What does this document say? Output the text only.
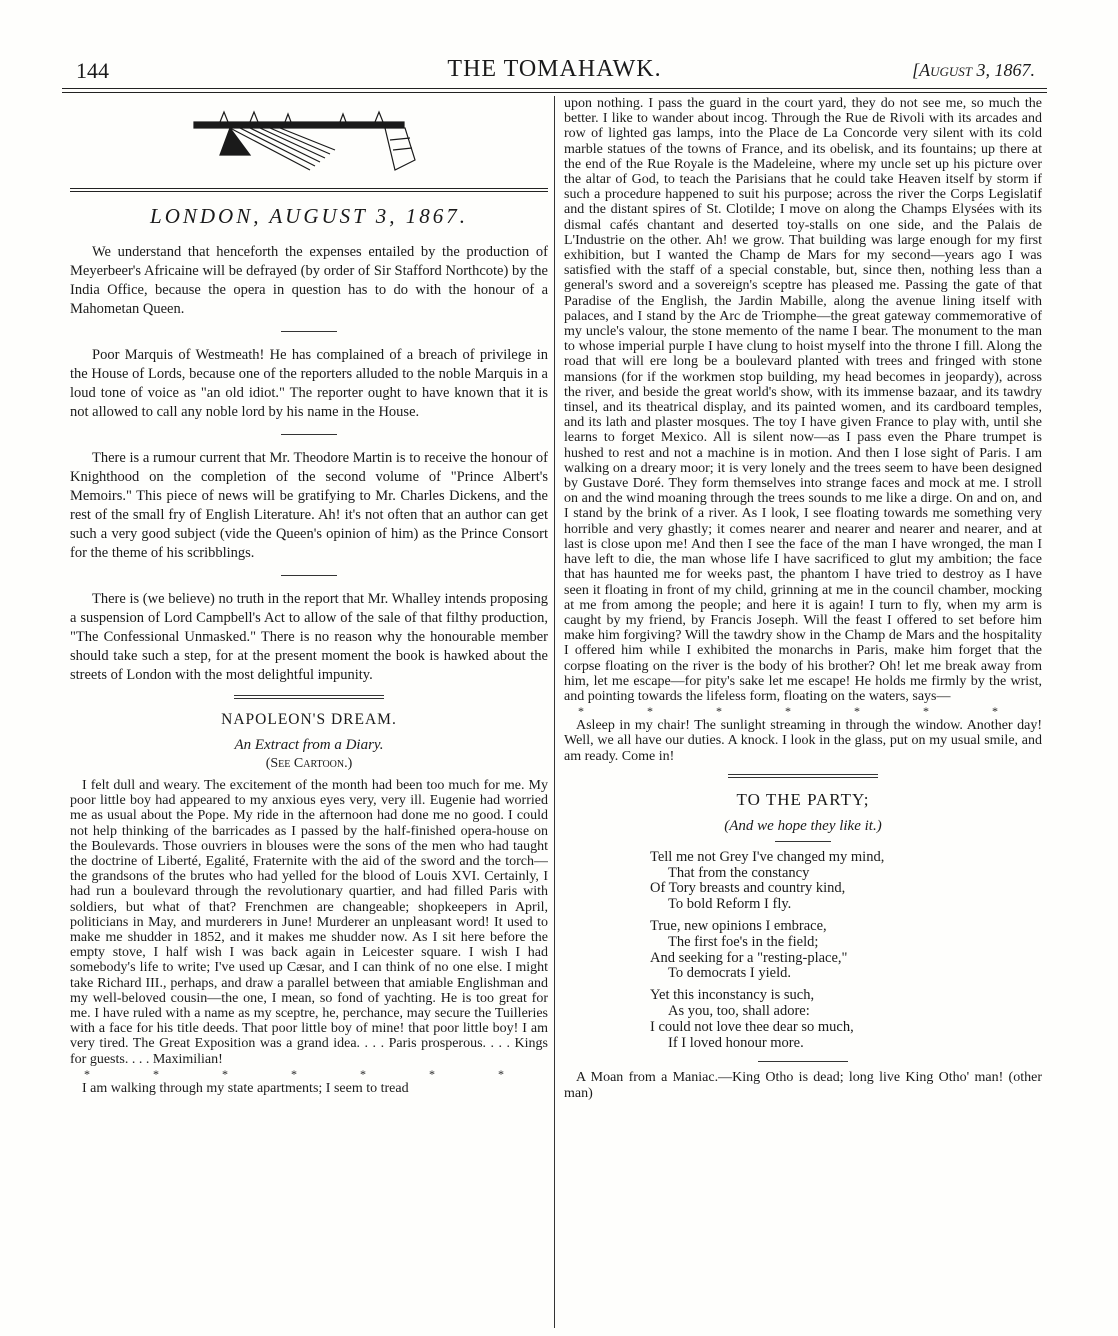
144	THE TOMAHAWK.	[August 3, 1867.
LONDON, AUGUST 3, 1867.

We understand that henceforth the expenses entailed by the production of Meyerbeer's Africaine will be defrayed (by order of Sir Stafford Northcote) by the India Office, because the opera in question has to do with the honour of a Mahometan Queen.

Poor Marquis of Westmeath! He has complained of a breach of privilege in the House of Lords, because one of the reporters alluded to the noble Marquis in a loud tone of voice as "an old idiot." The reporter ought to have known that it is not allowed to call any noble lord by his name in the House.

There is a rumour current that Mr. Theodore Martin is to receive the honour of Knighthood on the completion of the second volume of "Prince Albert's Memoirs." This piece of news will be gratifying to Mr. Charles Dickens, and the rest of the small fry of English Literature. Ah! it's not often that an author can get such a very good subject (vide the Queen's opinion of him) as the Prince Consort for the theme of his scribblings.

There is (we believe) no truth in the report that Mr. Whalley intends proposing a suspension of Lord Campbell's Act to allow of the sale of that filthy production, "The Confessional Unmasked." There is no reason why the honourable member should take such a step, for at the present moment the book is hawked about the streets of London with the most delightful impunity.

NAPOLEON'S DREAM.
An Extract from a Diary.
(See Cartoon.)

I felt dull and weary. The excitement of the month had been too much for me. My poor little boy had appeared to my anxious eyes very, very ill. Eugenie had worried me as usual about the Pope. My ride in the afternoon had done me no good. I could not help thinking of the barricades as I passed by the half-finished opera-house on the Boulevards. Those ouvriers in blouses were the sons of the men who had taught the doctrine of Liberté, Egalité, Fraternite with the aid of the sword and the torch—the grandsons of the brutes who had yelled for the blood of Louis XVI. Certainly, I had run a boulevard through the revolutionary quartier, and had filled Paris with soldiers, but what of that? Frenchmen are changeable; shopkeepers in April, politicians in May, and murderers in June! Murderer an unpleasant word! It used to make me shudder in 1852, and it makes me shudder now. As I sit here before the empty stove, I half wish I was back again in Leicester square. I wish I had somebody's life to write; I've used up Cæsar, and I can think of no one else. I might take Richard III., perhaps, and draw a parallel between that amiable Englishman and my well-beloved cousin—the one, I mean, so fond of yachting. He is too great for me. I have ruled with a name as my sceptre, he, perchance, may secure the Tuilleries with a face for his title deeds. That poor little boy of mine! that poor little boy! I am very tired. The Great Exposition was a grand idea. . . . Paris prosperous. . . . Kings for guests. . . . Maximilian!

* * * * * * *

I am walking through my state apartments; I seem to tread

upon nothing. I pass the guard in the court yard, they do not see me, so much the better. I like to wander about incog. Through the Rue de Rivoli with its arcades and row of lighted gas lamps, into the Place de La Concorde very silent with its cold marble statues of the towns of France, and its obelisk, and its fountains; up there at the end of the Rue Royale is the Madeleine, where my uncle set up his picture over the altar of God, to teach the Parisians that he could take Heaven itself by storm if such a procedure happened to suit his purpose; across the river the Corps Legislatif and the distant spires of St. Clotilde; I move on along the Champs Elysées with its dismal cafés chantant and deserted toy-stalls on one side, and the Palais de L'Industrie on the other. Ah! we grow. That building was large enough for my first exhibition, but I wanted the Champ de Mars for my second—years ago I was satisfied with the staff of a special constable, but, since then, nothing less than a general's sword and a sovereign's sceptre has pleased me. Passing the gate of that Paradise of the English, the Jardin Mabille, along the avenue lining itself with palaces, and I stand by the Arc de Triomphe—the great gateway commemorative of my uncle's valour, the stone memento of the name I bear. The monument to the man to whose imperial purple I have clung to hoist myself into the throne I fill. Along the road that will ere long be a boulevard planted with trees and fringed with stone mansions (for if the workmen stop building, my head becomes in jeopardy), across the river, and beside the great world's show, with its immense bazaar, and its tawdry tinsel, and its theatrical display, and its painted women, and its cardboard temples, and its lath and plaster mosques. The toy I have given France to play with, until she learns to forget Mexico. All is silent now—as I pass even the Phare trumpet is hushed to rest and not a machine is in motion. And then I lose sight of Paris. I am walking on a dreary moor; it is very lonely and the trees seem to have been designed by Gustave Doré. They form themselves into strange faces and mock at me. I stroll on and the wind moaning through the trees sounds to me like a dirge. On and on, and I stand by the brink of a river. As I look, I see floating towards me something very horrible and very ghastly; it comes nearer and nearer and nearer and nearer, and at last is close upon me! And then I see the face of the man I have wronged, the man I have left to die, the man whose life I have sacrificed to glut my ambition; the face that has haunted me for weeks past, the phantom I have tried to destroy as I have seen it floating in front of my child, grinning at me in the council chamber, mocking at me from among the people; and here it is again! I turn to fly, when my arm is caught by my friend, by Francis Joseph. Will the feast I offered to set before him make him forgiving? Will the tawdry show in the Champ de Mars and the hospitality I offered him while I exhibited the monarchs in Paris, make him forget that the corpse floating on the river is the body of his brother? Oh! let me break away from him, let me escape—for pity's sake let me escape! He holds me firmly by the wrist, and pointing towards the lifeless form, floating on the waters, says—

* * * * * * *

Asleep in my chair! The sunlight streaming in through the window. Another day! Well, we all have our duties. A knock. I look in the glass, put on my usual smile, and am ready. Come in!

TO THE PARTY;
(And we hope they like it.)
Tell me not Grey I've changed my mind,
That from the constancy
Of Tory breasts and country kind,
To bold Reform I fly.
True, new opinions I embrace,
The first foe's in the field;
And seeking for a "resting-place,"
To democrats I yield.
Yet this inconstancy is such,
As you, too, shall adore:
I could not love thee dear so much,
If I loved honour more.

A Moan from a Maniac.—King Otho is dead; long live King Otho' man! (other man)
